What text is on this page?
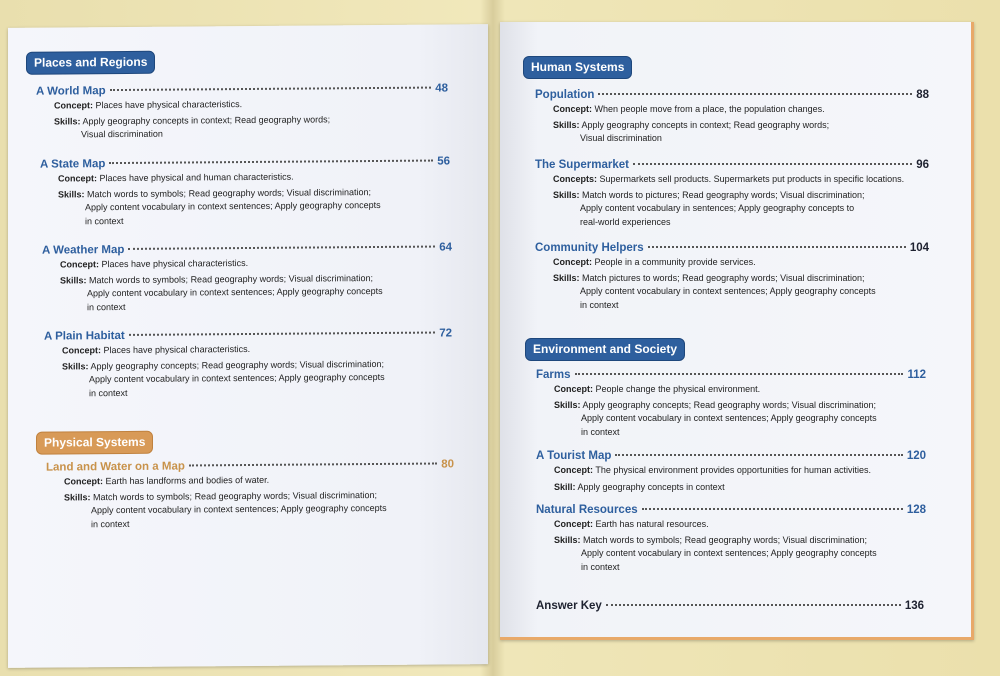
Places and Regions
A World Map	48
Concept: Places have physical characteristics.
Skills: Apply geography concepts in context; Read geography words;
Visual discrimination
A State Map	56
Concept: Places have physical and human characteristics.
Skills: Match words to symbols; Read geography words; Visual discrimination;
Apply content vocabulary in context sentences; Apply geography concepts
in context
A Weather Map	64
Concept: Places have physical characteristics.
Skills: Match words to symbols; Read geography words; Visual discrimination;
Apply content vocabulary in context sentences; Apply geography concepts
in context
A Plain Habitat	72
Concept: Places have physical characteristics.
Skills: Apply geography concepts; Read geography words; Visual discrimination;
Apply content vocabulary in context sentences; Apply geography concepts
in context
Physical Systems
Land and Water on a Map	80
Concept: Earth has landforms and bodies of water.
Skills: Match words to symbols; Read geography words; Visual discrimination;
Apply content vocabulary in context sentences; Apply geography concepts
in context
Human Systems
Population	88
Concept: When people move from a place, the population changes.
Skills: Apply geography concepts in context; Read geography words;
Visual discrimination
The Supermarket	96
Concepts: Supermarkets sell products. Supermarkets put products in specific locations.
Skills: Match words to pictures; Read geography words; Visual discrimination;
Apply content vocabulary in sentences; Apply geography concepts to
real-world experiences
Community Helpers	104
Concept: People in a community provide services.
Skills: Match pictures to words; Read geography words; Visual discrimination;
Apply content vocabulary in context sentences; Apply geography concepts
in context
Environment and Society
Farms	112
Concept: People change the physical environment.
Skills: Apply geography concepts; Read geography words; Visual discrimination;
Apply content vocabulary in context sentences; Apply geography concepts
in context
A Tourist Map	120
Concept: The physical environment provides opportunities for human activities.
Skill: Apply geography concepts in context
Natural Resources	128
Concept: Earth has natural resources.
Skills: Match words to symbols; Read geography words; Visual discrimination;
Apply content vocabulary in context sentences; Apply geography concepts
in context
Answer Key	136
